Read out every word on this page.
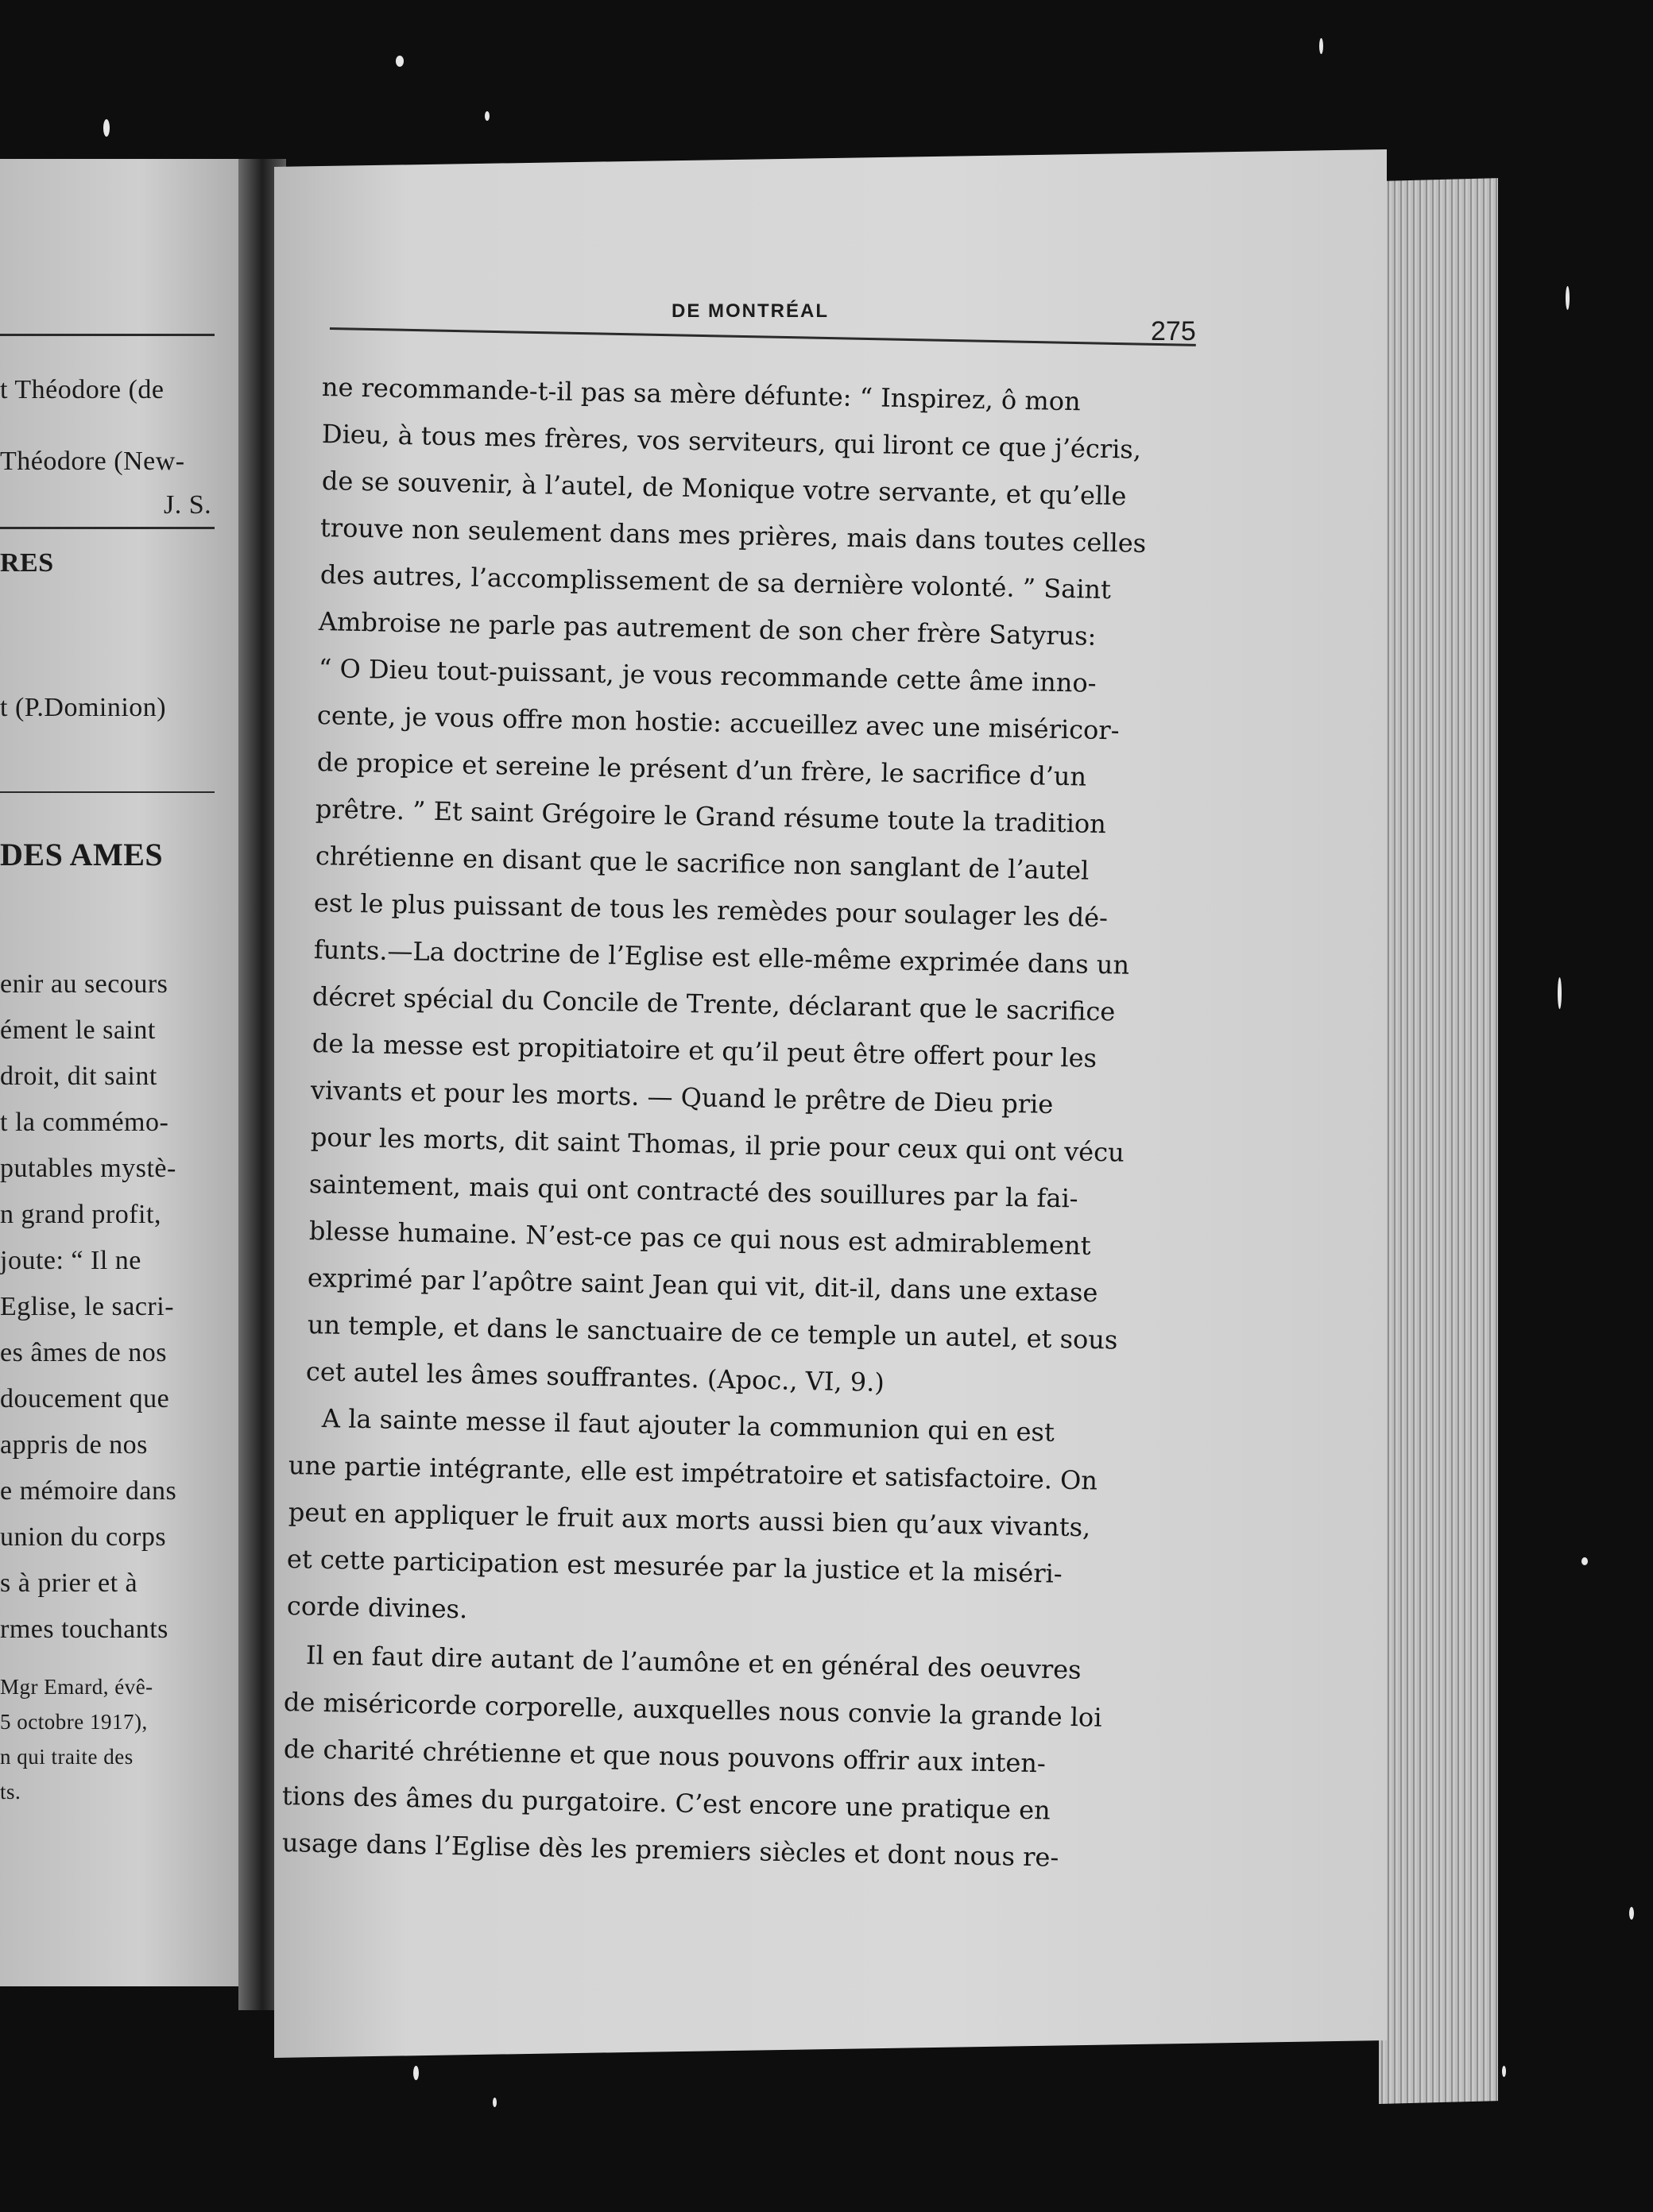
t Théodore (de
Théodore (New-
J. S.
RES
t (P.Dominion)
DES AMES
enir au secours
ément le saint
droit, dit saint
t la commémo-
putables mystè-
n grand profit,
joute: “ Il ne
Eglise, le sacri-
es âmes de nos
doucement que
appris de nos
e mémoire dans
union du corps
s à prier et à
rmes touchants
Mgr Emard, évê-
5 octobre 1917),
n qui traite des
ts.
DE MONTRÉAL
275
ne recommande-t-il pas sa mère défunte: “ Inspirez, ô mon
Dieu, à tous mes frères, vos serviteurs, qui liront ce que j’écris,
de se souvenir, à l’autel, de Monique votre servante, et qu’elle
trouve non seulement dans mes prières, mais dans toutes celles
des autres, l’accomplissement de sa dernière volonté. ” Saint
Ambroise ne parle pas autrement de son cher frère Satyrus:
“ O Dieu tout-puissant, je vous recommande cette âme inno-
cente, je vous offre mon hostie: accueillez avec une miséricor-
de propice et sereine le présent d’un frère, le sacrifice d’un
prêtre. ” Et saint Grégoire le Grand résume toute la tradition
chrétienne en disant que le sacrifice non sanglant de l’autel
est le plus puissant de tous les remèdes pour soulager les dé-
funts.—La doctrine de l’Eglise est elle-même exprimée dans un
décret spécial du Concile de Trente, déclarant que le sacrifice
de la messe est propitiatoire et qu’il peut être offert pour les
vivants et pour les morts. — Quand le prêtre de Dieu prie
pour les morts, dit saint Thomas, il prie pour ceux qui ont vécu
saintement, mais qui ont contracté des souillures par la fai-
blesse humaine. N’est-ce pas ce qui nous est admirablement
exprimé par l’apôtre saint Jean qui vit, dit-il, dans une extase
un temple, et dans le sanctuaire de ce temple un autel, et sous
cet autel les âmes souffrantes. (Apoc., VI, 9.)
A la sainte messe il faut ajouter la communion qui en est
une partie intégrante, elle est impétratoire et satisfactoire. On
peut en appliquer le fruit aux morts aussi bien qu’aux vivants,
et cette participation est mesurée par la justice et la miséri-
corde divines.
Il en faut dire autant de l’aumône et en général des oeuvres
de miséricorde corporelle, auxquelles nous convie la grande loi
de charité chrétienne et que nous pouvons offrir aux inten-
tions des âmes du purgatoire. C’est encore une pratique en
usage dans l’Eglise dès les premiers siècles et dont nous re-
